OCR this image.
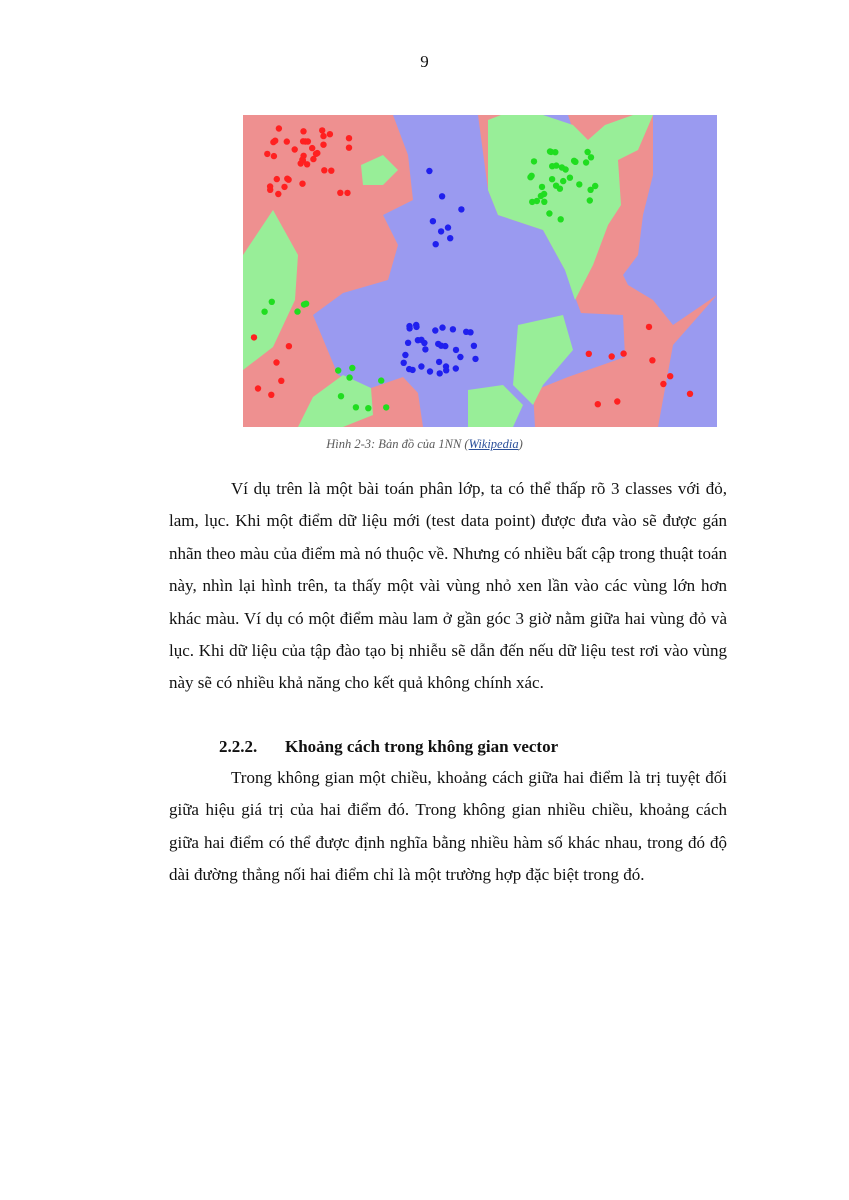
9

Hình 2-3: Bản đồ của 1NN (Wikipedia)

Ví dụ trên là một bài toán phân lớp, ta có thể thấp rõ 3 classes với đỏ, lam, lục. Khi một điểm dữ liệu mới (test data point) được đưa vào sẽ được gán nhãn theo màu của điểm mà nó thuộc về. Nhưng có nhiều bất cập trong thuật toán này, nhìn lại hình trên, ta thấy một vài vùng nhỏ xen lần vào các vùng lớn hơn khác màu. Ví dụ có một điểm màu lam ở gần góc 3 giờ nằm giữa hai vùng đỏ và lục. Khi dữ liệu của tập đào tạo bị nhiễu sẽ dẫn đến nếu dữ liệu test rơi vào vùng này sẽ có nhiều khả năng cho kết quả không chính xác.

2.2.2. Khoảng cách trong không gian vector

Trong không gian một chiều, khoảng cách giữa hai điểm là trị tuyệt đối giữa hiệu giá trị của hai điểm đó. Trong không gian nhiều chiều, khoảng cách giữa hai điểm có thể được định nghĩa bằng nhiều hàm số khác nhau, trong đó độ dài đường thẳng nối hai điểm chỉ là một trường hợp đặc biệt trong đó.
